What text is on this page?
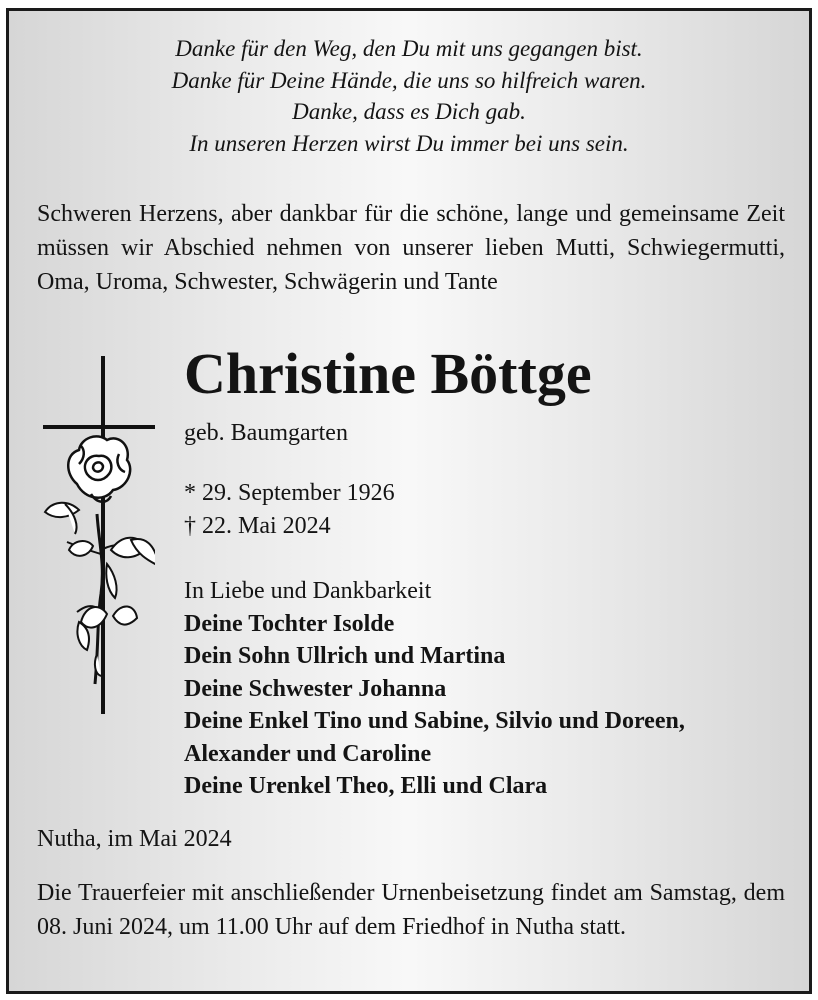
Danke für den Weg, den Du mit uns gegangen bist.
Danke für Deine Hände, die uns so hilfreich waren.
Danke, dass es Dich gab.
In unseren Herzen wirst Du immer bei uns sein.
Schweren Herzens, aber dankbar für die schöne, lange und gemeinsame Zeit müssen wir Abschied nehmen von unserer lieben Mutti, Schwiegermutti, Oma, Uroma, Schwester, Schwägerin und Tante
Christine Böttge
geb. Baumgarten
* 29. September 1926
† 22. Mai 2024
In Liebe und Dankbarkeit
Deine Tochter Isolde
Dein Sohn Ullrich und Martina
Deine Schwester Johanna
Deine Enkel Tino und Sabine, Silvio und Doreen,
Alexander und Caroline
Deine Urenkel Theo, Elli und Clara
Nutha, im Mai 2024
Die Trauerfeier mit anschließender Urnenbeisetzung findet am Samstag, dem 08. Juni 2024, um 11.00 Uhr auf dem Friedhof in Nutha statt.
